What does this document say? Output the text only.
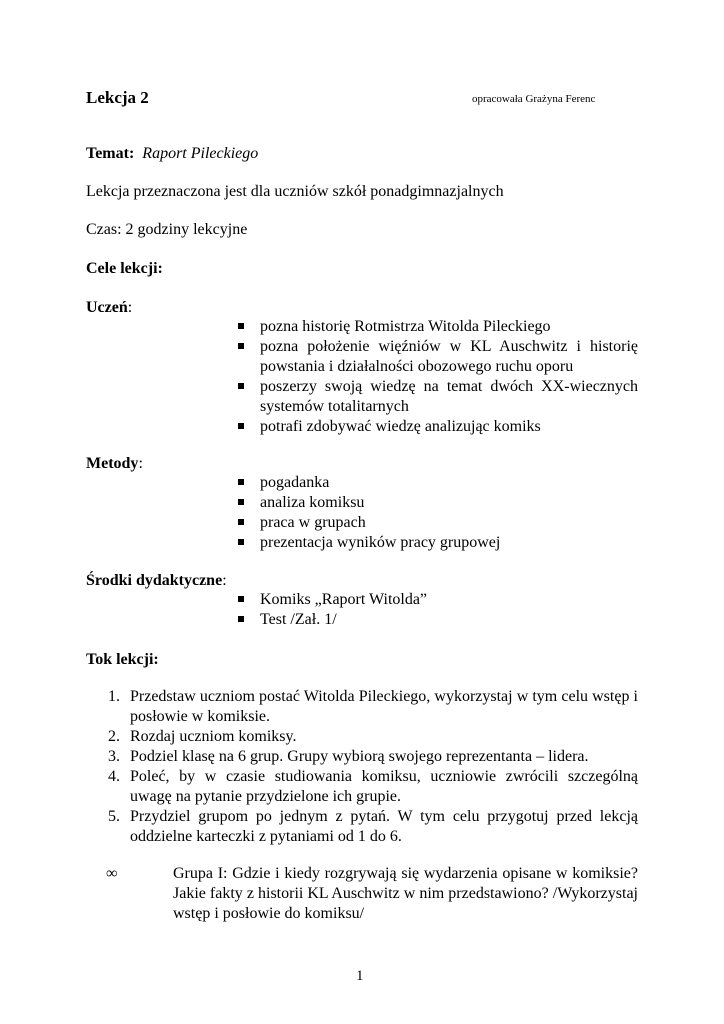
Lekcja 2	opracowała Grażyna Ferenc
Temat: Raport Pileckiego
Lekcja przeznaczona jest dla uczniów szkół ponadgimnazjalnych
Czas: 2 godziny lekcyjne
Cele lekcji:
Uczeń:
pozna historię Rotmistrza Witolda Pileckiego
pozna położenie więźniów w KL Auschwitz i historię powstania i działalności obozowego ruchu oporu
poszerzy swoją wiedzę na temat dwóch XX-wiecznych systemów totalitarnych
potrafi zdobywać wiedzę analizując komiks
Metody:
pogadanka
analiza komiksu
praca w grupach
prezentacja wyników pracy grupowej
Środki dydaktyczne:
Komiks „Raport Witolda”
Test /Zał. 1/
Tok lekcji:
1. Przedstaw uczniom postać Witolda Pileckiego, wykorzystaj w tym celu wstęp i posłowie w komiksie.
2. Rozdaj uczniom komiksy.
3. Podziel klasę na 6 grup. Grupy wybiorą swojego reprezentanta – lidera.
4. Poleć, by w czasie studiowania komiksu, uczniowie zwrócili szczególną uwagę na pytanie przydzielone ich grupie.
5. Przydziel grupom po jednym z pytań. W tym celu przygotuj przed lekcją oddzielne karteczki z pytaniami od 1 do 6.
∞	Grupa I: Gdzie i kiedy rozgrywają się wydarzenia opisane w komiksie? Jakie fakty z historii KL Auschwitz w nim przedstawiono? /Wykorzystaj wstęp i posłowie do komiksu/
1
